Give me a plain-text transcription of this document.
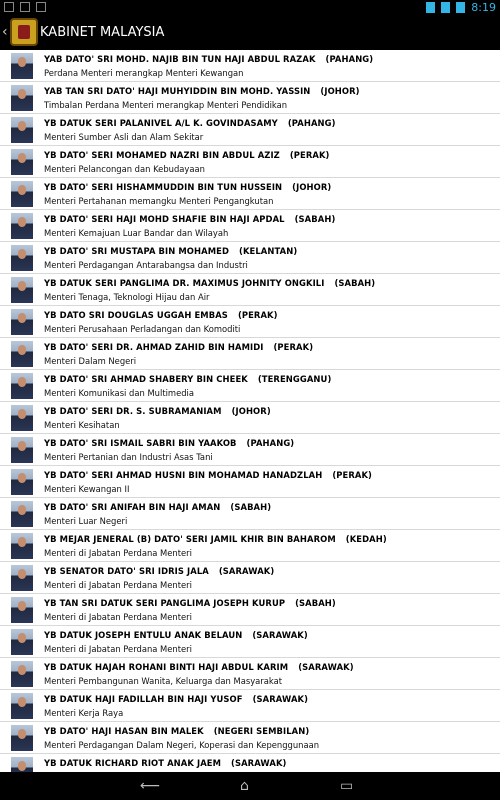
8:19
‹ KABINET MALAYSIA
YAB DATO' SRI MOHD. NAJIB BIN TUN HAJI ABDUL RAZAK (PAHANG)
Perdana Menteri merangkap Menteri Kewangan
YAB TAN SRI DATO' HAJI MUHYIDDIN BIN MOHD. YASSIN (JOHOR)
Timbalan Perdana Menteri merangkap Menteri Pendidikan
YB DATUK SERI PALANIVEL A/L K. GOVINDASAMY (PAHANG)
Menteri Sumber Asli dan Alam Sekitar
YB DATO' SERI MOHAMED NAZRI BIN ABDUL AZIZ (PERAK)
Menteri Pelancongan dan Kebudayaan
YB DATO' SERI HISHAMMUDDIN BIN TUN HUSSEIN (JOHOR)
Menteri Pertahanan memangku Menteri Pengangkutan
YB DATO' SERI HAJI MOHD SHAFIE BIN HAJI APDAL (SABAH)
Menteri Kemajuan Luar Bandar dan Wilayah
YB DATO' SRI MUSTAPA BIN MOHAMED (KELANTAN)
Menteri Perdagangan Antarabangsa dan Industri
YB DATUK SERI PANGLIMA DR. MAXIMUS JOHNITY ONGKILI (SABAH)
Menteri Tenaga, Teknologi Hijau dan Air
YB DATO SRI DOUGLAS UGGAH EMBAS (PERAK)
Menteri Perusahaan Perladangan dan Komoditi
YB DATO' SERI DR. AHMAD ZAHID BIN HAMIDI (PERAK)
Menteri Dalam Negeri
YB DATO' SRI AHMAD SHABERY BIN CHEEK (TERENGGANU)
Menteri Komunikasi dan Multimedia
YB DATO' SERI DR. S. SUBRAMANIAM (JOHOR)
Menteri Kesihatan
YB DATO' SRI ISMAIL SABRI BIN YAAKOB (PAHANG)
Menteri Pertanian dan Industri Asas Tani
YB DATO' SERI AHMAD HUSNI BIN MOHAMAD HANADZLAH (PERAK)
Menteri Kewangan II
YB DATO' SRI ANIFAH BIN HAJI AMAN (SABAH)
Menteri Luar Negeri
YB MEJAR JENERAL (B) DATO' SERI JAMIL KHIR BIN BAHAROM (KEDAH)
Menteri di Jabatan Perdana Menteri
YB SENATOR DATO' SRI IDRIS JALA (SARAWAK)
Menteri di Jabatan Perdana Menteri
YB TAN SRI DATUK SERI PANGLIMA JOSEPH KURUP (SABAH)
Menteri di Jabatan Perdana Menteri
YB DATUK JOSEPH ENTULU ANAK BELAUN (SARAWAK)
Menteri di Jabatan Perdana Menteri
YB DATUK HAJAH ROHANI BINTI HAJI ABDUL KARIM (SARAWAK)
Menteri Pembangunan Wanita, Keluarga dan Masyarakat
YB DATUK HAJI FADILLAH BIN HAJI YUSOF (SARAWAK)
Menteri Kerja Raya
YB DATO' HAJI HASAN BIN MALEK (NEGERI SEMBILAN)
Menteri Perdagangan Dalam Negeri, Koperasi dan Kepenggunaan
YB DATUK RICHARD RIOT ANAK JAEM (SARAWAK)
⟵	⌂	▭
